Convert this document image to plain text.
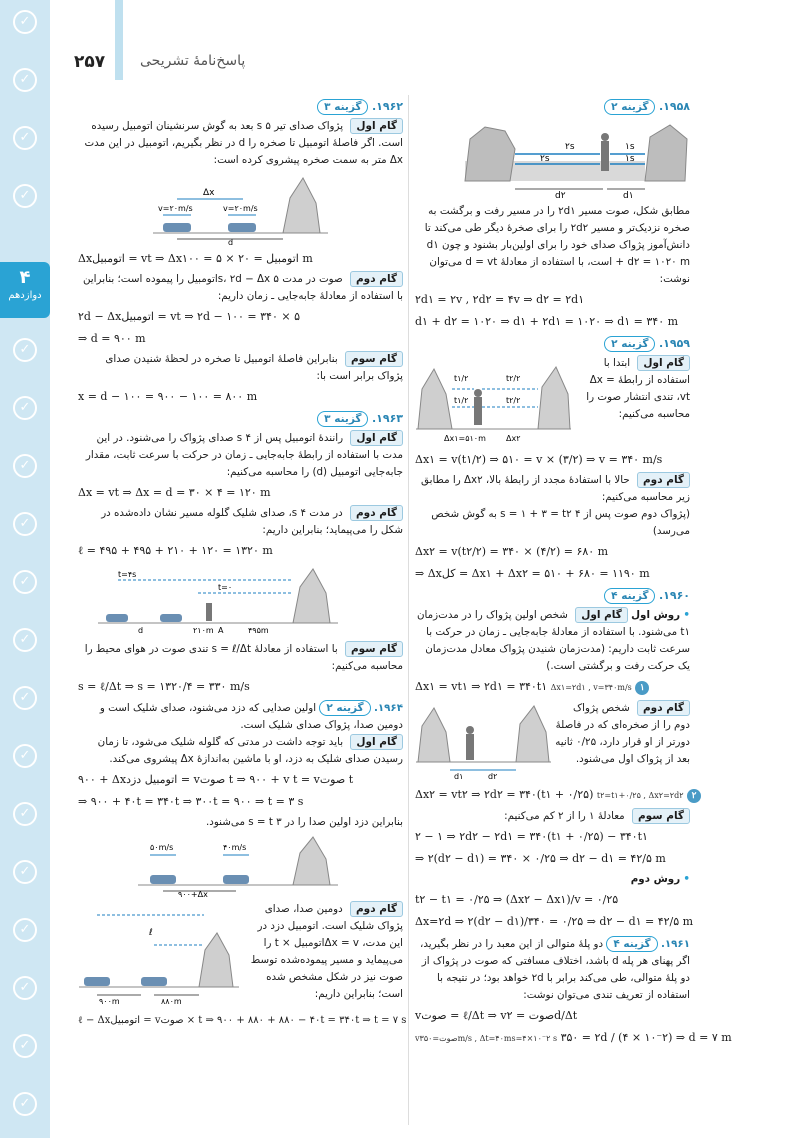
✓
✓
✓
✓
۴
دوازدهم
✓
✓
✓
✓
✓
✓
✓
✓
✓
✓
✓
✓
✓
✓
۲۵۷ پاسخ‌نامهٔ تشریحی
۱۹۵۸. گزینه ۲
۲s
۲s
۱s
۱s
d۲	d۱
مطابق شکل، صوت مسیر ۲d۱ را در مسیر رفت و برگشت به صخره نزدیک‌تر و مسیر ۲d۲ را برای صخرهٔ دیگر طی می‌کند تا دانش‌آموز پژواک صدای خود را برای اولین‌بار بشنود و چون d۱ + d۲ = ۱۰۲۰ m است، با استفاده از معادلهٔ d = vt می‌توان نوشت:
۲d۱ = ۲v , ۲d۲ = ۴v ⇒ d۲ = ۲d۱
d۱ + d۲ = ۱۰۲۰ ⇒ d۱ + ۲d۱ = ۱۰۲۰ ⇒ d۱ = ۳۴۰ m
۱۹۵۹. گزینه ۲
گام اول ابتدا با استفاده از رابطهٔ Δx = vt، تندی انتشار صوت را محاسبه می‌کنیم:
t۱/۲	t۲/۲
t۱/۲	t۲/۲
Δx۱=۵۱۰m	Δx۲
Δx۱ = v(t۱/۲) ⇒ ۵۱۰ = v × (۳/۲) ⇒ v = ۳۴۰ m/s
گام دوم حالا با استفادهٔ مجدد از رابطهٔ بالا، Δx۲ را مطابق زیر محاسبه می‌کنیم:
(پژواک دوم صوت پس از ۴ s = ۱ + ۳ = t۲ به گوش شخص می‌رسد)
Δx۲ = v(t۲/۲) = ۳۴۰ × (۴/۲) = ۶۸۰ m
⇒ Δxکل = Δx۱ + Δx۲ = ۵۱۰ + ۶۸۰ = ۱۱۹۰ m
۱۹۶۰. گزینه ۴
• روش اول گام اول شخص اولین پژواک را در مدت‌زمان t۱ می‌شنود. با استفاده از معادلهٔ جابه‌جایی ـ زمان در حرکت با سرعت ثابت داریم: (مدت‌زمان شنیدن پژواک معادل مدت‌زمان یک حرکت رفت و برگشتی است.)
Δx۱ = vt۱ ⇒ ۲d۱ = ۳۴۰t۱ Δx۱=۲d۱ , v=۳۴۰m/s ۱
گام دوم شخص پژواک دوم را از صخره‌ای که در فاصلهٔ دورتر از او قرار دارد، ۰/۲۵ ثانیه بعد از پژواک اول می‌شنود.
d۱	d۲
Δx۲ = vt۲ ⇒ ۲d۲ = ۳۴۰(t۱ + ۰/۲۵) t۲=t۱+۰/۲۵ , Δx۲=۲d۲ ۲
گام سوم معادلهٔ ۱ را از ۲ کم می‌کنیم:
۲ − ۱ ⇒ ۲d۲ − ۲d۱ = ۳۴۰(t۱ + ۰/۲۵) − ۳۴۰t۱
⇒ ۲(d۲ − d۱) = ۳۴۰ × ۰/۲۵ ⇒ d۲ − d۱ = ۴۲/۵ m
• روش دوم
t۲ − t۱ = ۰/۲۵ ⇒ (Δx۲ − Δx۱)/v = ۰/۲۵
Δx=۲d ⇒ ۲(d۲ − d۱)/۳۴۰ = ۰/۲۵ ⇒ d۲ − d۱ = ۴۲/۵ m
۱۹۶۱. گزینه ۴ دو پلهٔ متوالی از این معبد را در نظر بگیرید، اگر پهنای هر پله d باشد، اختلاف مسافتی که صوت در پژواک از دو پلهٔ متوالی، طی می‌کند برابر با ۲d خواهد بود؛ در نتیجه با استفاده از تعریف تندی می‌توان نوشت:
vصوت = ℓ/Δt ⇒ vصوت = ۲d/Δt
vصوت=۳۵۰m/s , Δt=۴۰ms=۴×۱۰⁻۲ s ۳۵۰ = ۲d / (۴ × ۱۰⁻۲) ⇒ d = ۷ m
۱۹۶۲. گزینه ۳
گام اول پژواک صدای تیر ۵ s بعد به گوش سرنشینان اتومبیل رسیده است. اگر فاصلهٔ اتومبیل تا صخره را d در نظر بگیریم، اتومبیل در این مدت Δx متر به سمت صخره پیشروی کرده است:
Δx
v=۲۰m/s	v=۲۰m/s
d
Δxاتومبیل = vt ⇒ Δxاتومبیل = ۲۰ × ۵ = ۱۰۰ m
گام دوم صوت در مدت ۵ s، ۲d − Δxاتومبیل را پیموده است؛ بنابراین با استفاده از معادلهٔ جابه‌جایی ـ زمان داریم:
۲d − Δxاتومبیل = vt ⇒ ۲d − ۱۰۰ = ۳۴۰ × ۵
⇒ d = ۹۰۰ m
گام سوم بنابراین فاصلهٔ اتومبیل تا صخره در لحظهٔ شنیدن صدای پژواک برابر است با:
x = d − ۱۰۰ = ۹۰۰ − ۱۰۰ = ۸۰۰ m
۱۹۶۳. گزینه ۳
گام اول رانندهٔ اتومبیل پس از ۴ s صدای پژواک را می‌شنود. در این مدت با استفاده از رابطهٔ جابه‌جایی ـ زمان در حرکت با سرعت ثابت، مقدار جابه‌جایی اتومبیل (d) را محاسبه می‌کنیم:
Δx = vt ⇒ Δx = d = ۳۰ × ۴ = ۱۲۰ m
گام دوم در مدت ۴ s، صدای شلیک گلوله مسیر نشان داده‌شده در شکل را می‌پیماید؛ بنابراین داریم:
ℓ = ۴۹۵ + ۴۹۵ + ۲۱۰ + ۱۲۰ = ۱۳۲۰ m
t=۴s
t=۰
d	۲۱۰m A	۴۹۵m
گام سوم با استفاده از معادلهٔ s = ℓ/Δt تندی صوت در هوای محیط را محاسبه می‌کنیم:
s = ℓ/Δt ⇒ s = ۱۳۲۰/۴ = ۳۳۰ m/s
۱۹۶۴. گزینه ۲ اولین صدایی که دزد می‌شنود، صدای شلیک است و دومین صدا، پژواک صدای شلیک است.
گام اول باید توجه داشت در مدتی که گلوله شلیک می‌شود، تا زمان رسیدن صدای شلیک به دزد، او با ماشین به‌اندازهٔ Δx پیشروی می‌کند.
۹۰۰ + Δxاتومبیل دزد = vصوت t ⇒ ۹۰۰ + v t = vصوت t
⇒ ۹۰۰ + ۴۰t = ۳۴۰t ⇒ ۳۰۰t = ۹۰۰ ⇒ t = ۳ s
بنابراین دزد اولین صدا را در ۳ s = t می‌شنود.
۵۰m/s	۴۰m/s
۹۰۰+Δx
گام دوم دومین صدا، صدای پژواک شلیک است. اتومبیل دزد در این مدت، Δx = vاتومبیل × t را می‌پیماید و مسیر پیموده‌شده توسط صوت نیز در شکل مشخص شده است؛ بنابراین داریم:
ℓ
۹۰۰m	۸۸۰m
ℓ − Δxاتومبیل = vصوت × t ⇒ ۹۰۰ + ۸۸۰ + ۸۸۰ − ۴۰t = ۳۴۰t ⇒ t = ۷ s
